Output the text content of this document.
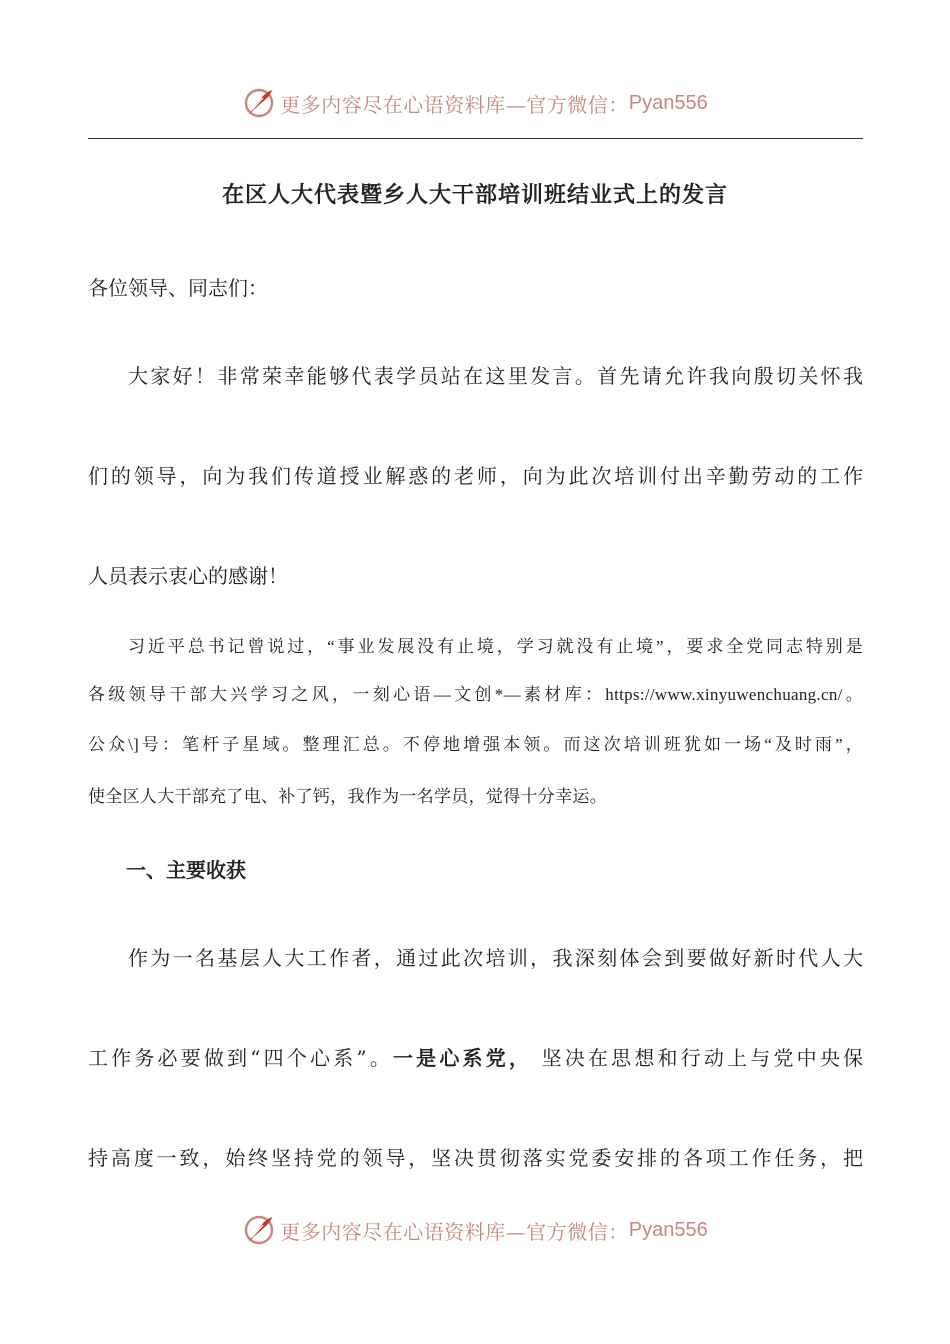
更多内容尽在心语资料库—官方微信： Pyan556
在区人大代表暨乡人大干部培训班结业式上的发言
各位领导、同志们：
大家好！非常荣幸能够代表学员站在这里发言。首先请允许我向殷切关怀我
们的领导，向为我们传道授业解惑的老师，向为此次培训付出辛勤劳动的工作
人员表示衷心的感谢！
习近平总书记曾说过，“事业发展没有止境，学习就没有止境”，要求全党同志特别是
各级领导干部大兴学习之风，一刻心语—文创*—素材库：https://www.xinyuwenchuang.cn/。
公众\]号：笔杆子星域。整理汇总。不停地增强本领。而这次培训班犹如一场“及时雨”，
使全区人大干部充了电、补了钙，我作为一名学员，觉得十分幸运。
一、主要收获
作为一名基层人大工作者，通过此次培训，我深刻体会到要做好新时代人大
工作务必要做到“四个心系”。一是心系党， 坚决在思想和行动上与党中央保
持高度一致，始终坚持党的领导，坚决贯彻落实党委安排的各项工作任务，把
更多内容尽在心语资料库—官方微信： Pyan556
